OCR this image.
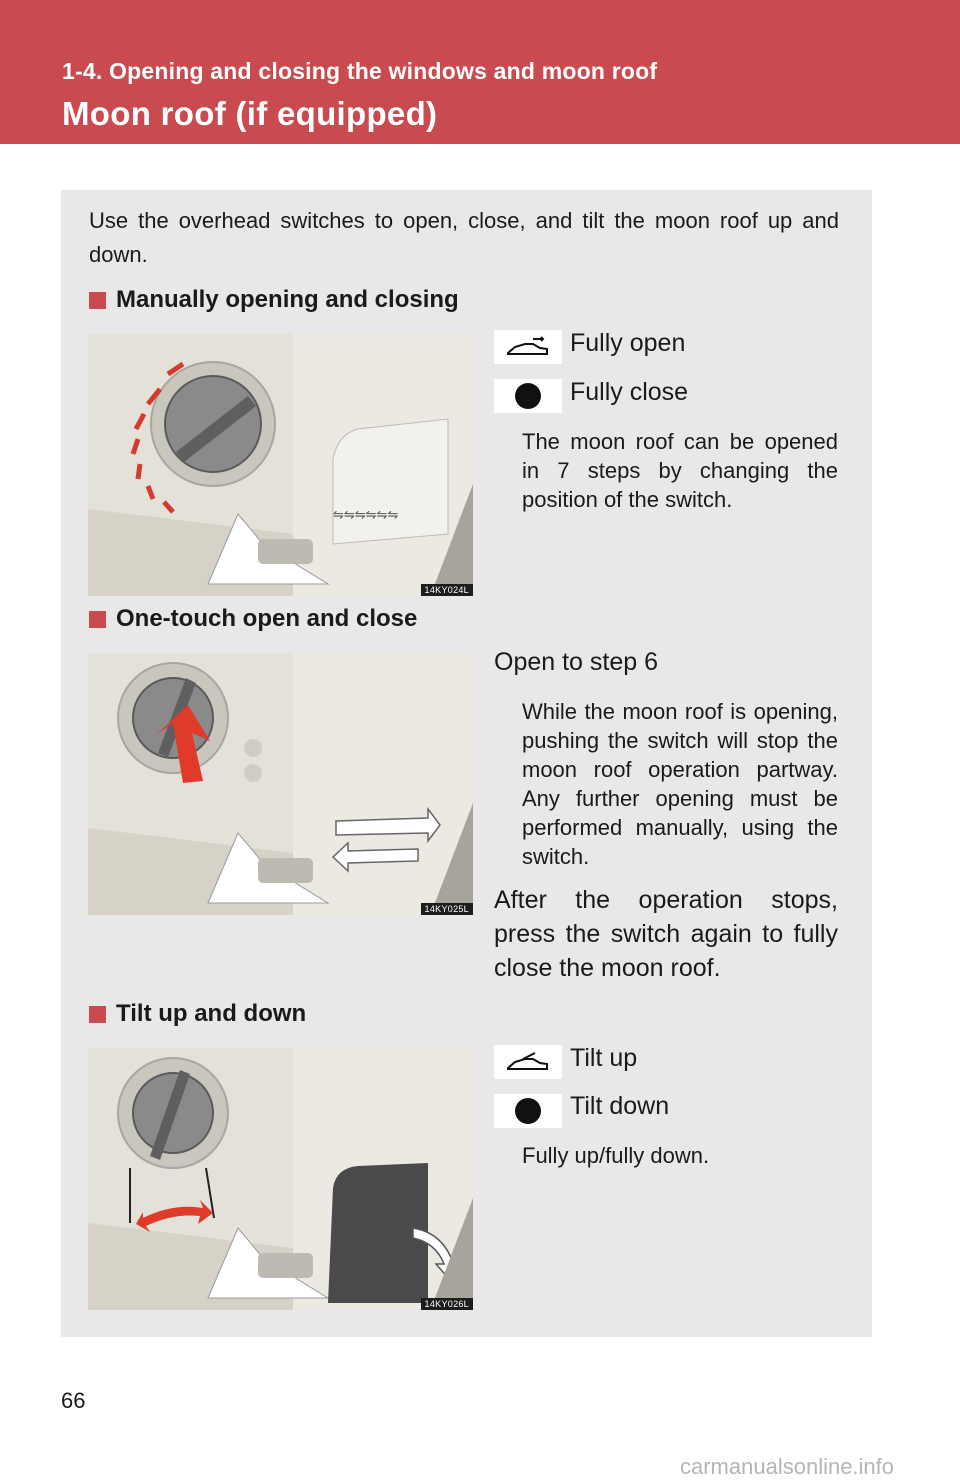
1-4. Opening and closing the windows and moon roof
Moon roof (if equipped)
Use the overhead switches to open, close, and tilt the moon roof up and down.
Manually opening and closing
⇋⇋⇋⇋⇋⇋
14KY024L
Fully open
Fully close
The moon roof can be opened in 7 steps by changing the position of the switch.
One-touch open and close
14KY025L
Open to step 6
While the moon roof is opening, pushing the switch will stop the moon roof operation partway. Any further opening must be performed manually, using the switch.
After the operation stops, press the switch again to fully close the moon roof.
Tilt up and down
14KY026L
Tilt up
Tilt down
Fully up/fully down.
66
carmanualsonline.info
